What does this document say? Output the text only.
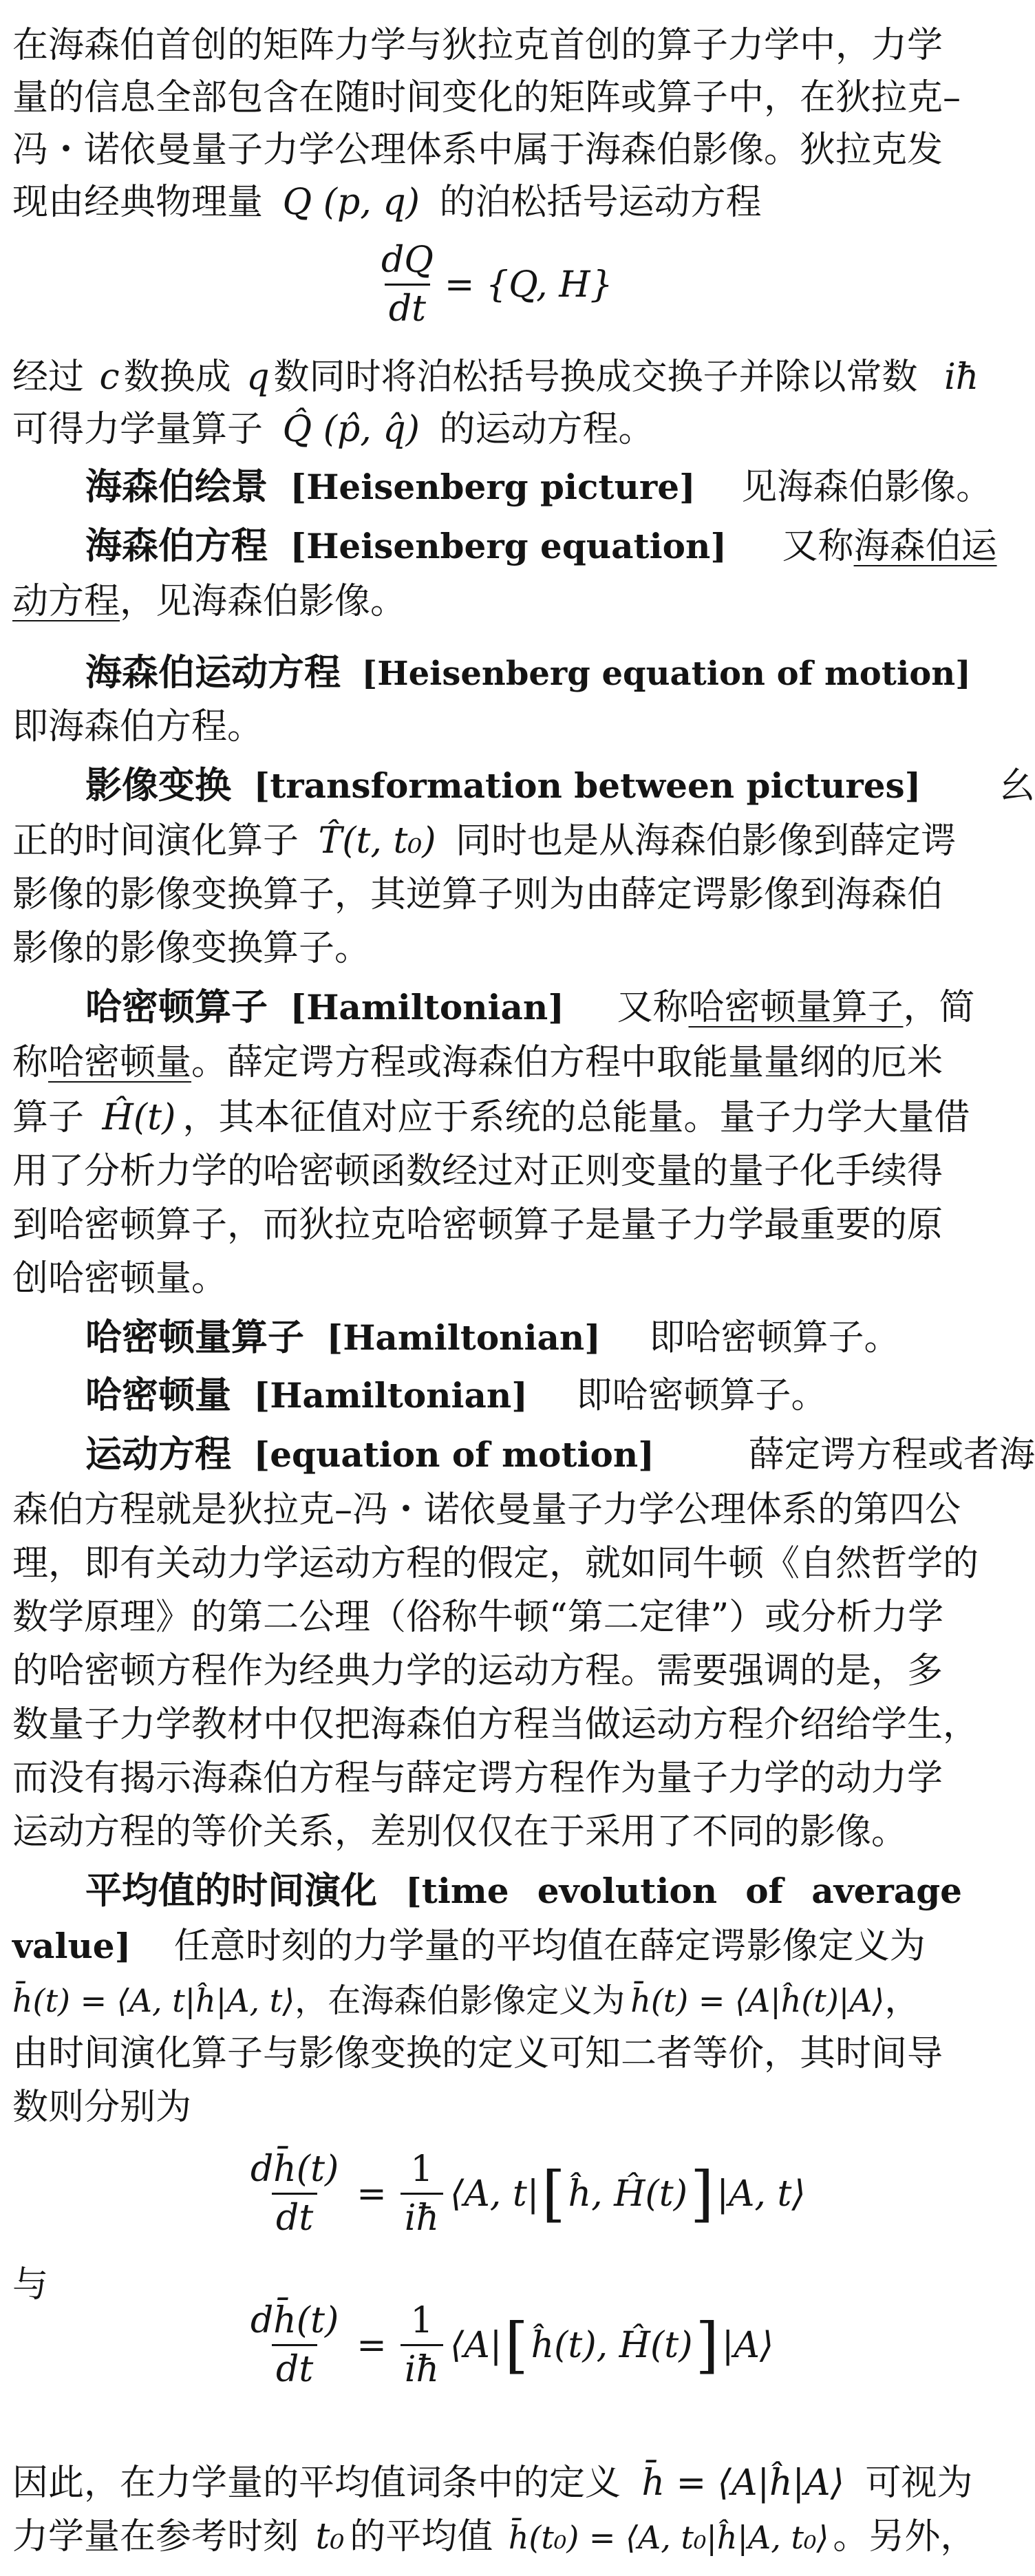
在海森伯首创的矩阵力学与狄拉克首创的算子力学中，力学
量的信息全部包含在随时间变化的矩阵或算子中，在狄拉克–
冯・诺依曼量子力学公理体系中属于海森伯影像。狄拉克发
现由经典物理量 Q (p, q) 的泊松括号运动方程
$\frac{dQ}{dt} = \{Q$, H}
经过 c 数换成 q 数同时将泊松括号换成交换子并除以常数 iħ
可得力学量算子 Q̂ (p̂, q̂) 的运动方程。
海森伯绘景 [Heisenberg picture] 见海森伯影像。
海森伯方程 [Heisenberg equation] 又称海森伯运
动方程，见海森伯影像。
海森伯运动方程 [Heisenberg equation of motion]
即海森伯方程。
影像变换 [transformation between pictures] 幺
正的时间演化算子 T̂(t, t₀) 同时也是从海森伯影像到薛定谔
影像的影像变换算子，其逆算子则为由薛定谔影像到海森伯
影像的影像变换算子。
哈密顿算子 [Hamiltonian] 又称哈密顿量算子，简
称哈密顿量。薛定谔方程或海森伯方程中取能量量纲的厄米
算子 Ĥ(t) ，其本征值对应于系统的总能量。量子力学大量借
用了分析力学的哈密顿函数经过对正则变量的量子化手续得
到哈密顿算子，而狄拉克哈密顿算子是量子力学最重要的原
创哈密顿量。
哈密顿量算子 [Hamiltonian] 即哈密顿算子。
哈密顿量 [Hamiltonian] 即哈密顿算子。
运动方程 [equation of motion]	薛定谔方程或者海
森伯方程就是狄拉克–冯・诺依曼量子力学公理体系的第四公
理，即有关动力学运动方程的假定，就如同牛顿《自然哲学的
数学原理》的第二公理（俗称牛顿“第二定律”）或分析力学
的哈密顿方程作为经典力学的运动方程。需要强调的是，多
数量子力学教材中仅把海森伯方程当做运动方程介绍给学生，
而没有揭示海森伯方程与薛定谔方程作为量子力学的动力学
运动方程的等价关系，差别仅仅在于采用了不同的影像。
平均值的时间演化 [time evolution of average
value] 任意时刻的力学量的平均值在薛定谔影像定义为
h̄(t) = ⟨A, t|ĥ|A, t⟩，在海森伯影像定义为 h̄(t) = ⟨A|ĥ(t)|A⟩，
由时间演化算子与影像变换的定义可知二者等价，其时间导
数则分别为
$\frac{dh̄(t)}{dt} = \frac{1}{iħ}$ ⟨A, t| [ ĥ, Ĥ(t) ] |A, t⟩
与
$\frac{dh̄(t)}{dt} = \frac{1}{iħ}$ ⟨A| [ ĥ(t), Ĥ(t) ] |A⟩
因此，在力学量的平均值词条中的定义 h̄ = ⟨A|ĥ|A⟩ 可视为
力学量在参考时刻 t₀ 的平均值 h̄(t₀) = ⟨A, t₀|ĥ|A, t₀⟩ 。另外，
